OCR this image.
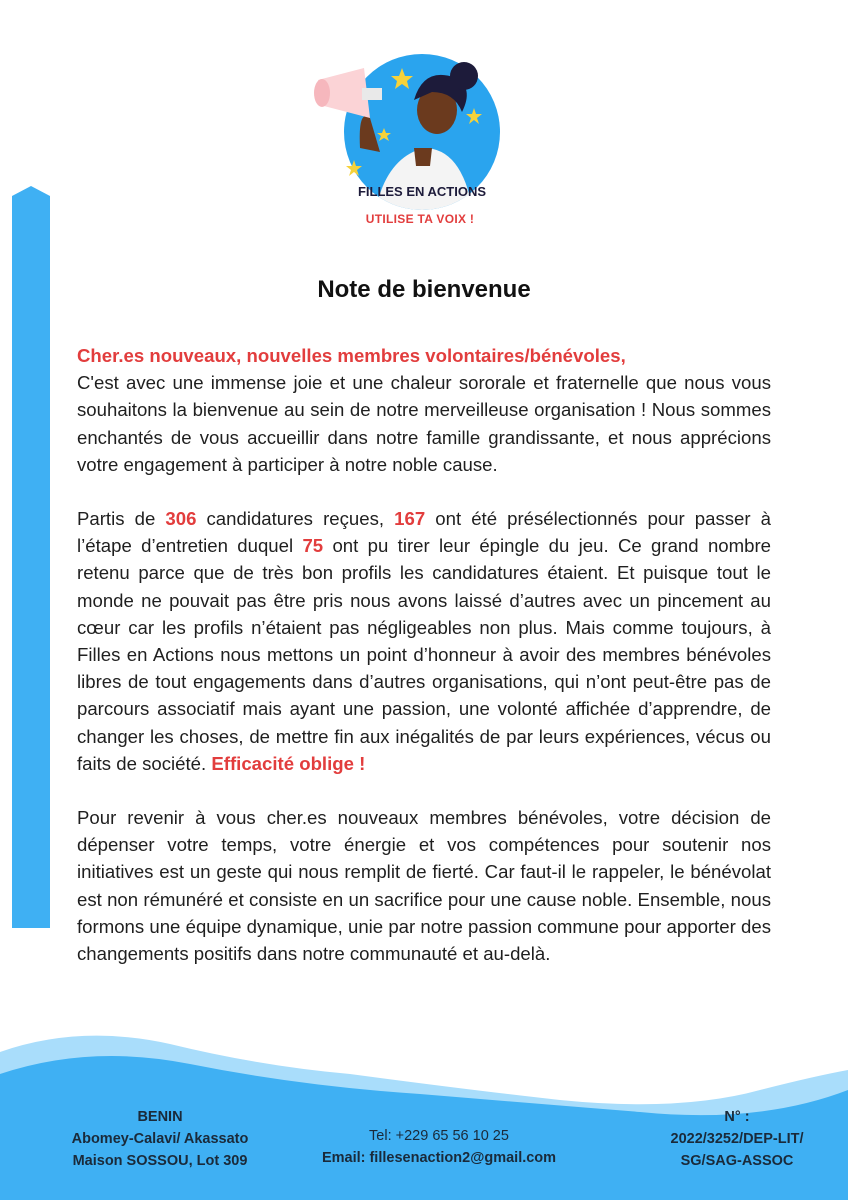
FILLES EN ACTIONS
UTILISE TA VOIX !
Note de bienvenue

Cher.es nouveaux, nouvelles membres volontaires/bénévoles,
C'est avec une immense joie et une chaleur sororale et fraternelle que nous vous souhaitons la bienvenue au sein de notre merveilleuse organisation ! Nous sommes enchantés de vous accueillir dans notre famille grandissante, et nous apprécions votre engagement à participer à notre noble cause.

Partis de 306 candidatures reçues, 167 ont été présélectionnés pour passer à l’étape d’entretien duquel 75 ont pu tirer leur épingle du jeu. Ce grand nombre retenu parce que de très bon profils les candidatures étaient. Et puisque tout le monde ne pouvait pas être pris nous avons laissé d’autres avec un pincement au cœur car les profils n’étaient pas négligeables non plus. Mais comme toujours, à Filles en Actions nous mettons un point d’honneur à avoir des membres bénévoles libres de tout engagements dans d’autres organisations, qui n’ont peut-être pas de parcours associatif mais ayant une passion, une volonté affichée d’apprendre, de changer les choses, de mettre fin aux inégalités de par leurs expériences, vécus ou faits de société. Efficacité oblige !

Pour revenir à vous cher.es nouveaux membres bénévoles, votre décision de dépenser votre temps, votre énergie et vos compétences pour soutenir nos initiatives est un geste qui nous remplit de fierté. Car faut-il le rappeler, le bénévolat est non rémunéré et consiste en un sacrifice pour une cause noble. Ensemble, nous formons une équipe dynamique, unie par notre passion commune pour apporter des changements positifs dans notre communauté et au-delà.

BENIN
Abomey-Calavi/ Akassato
Maison SOSSOU, Lot 309
Tel: +229 65 56 10 25
Email: fillesenaction2@gmail.com
N° :
2022/3252/DEP-LIT/
SG/SAG-ASSOC
